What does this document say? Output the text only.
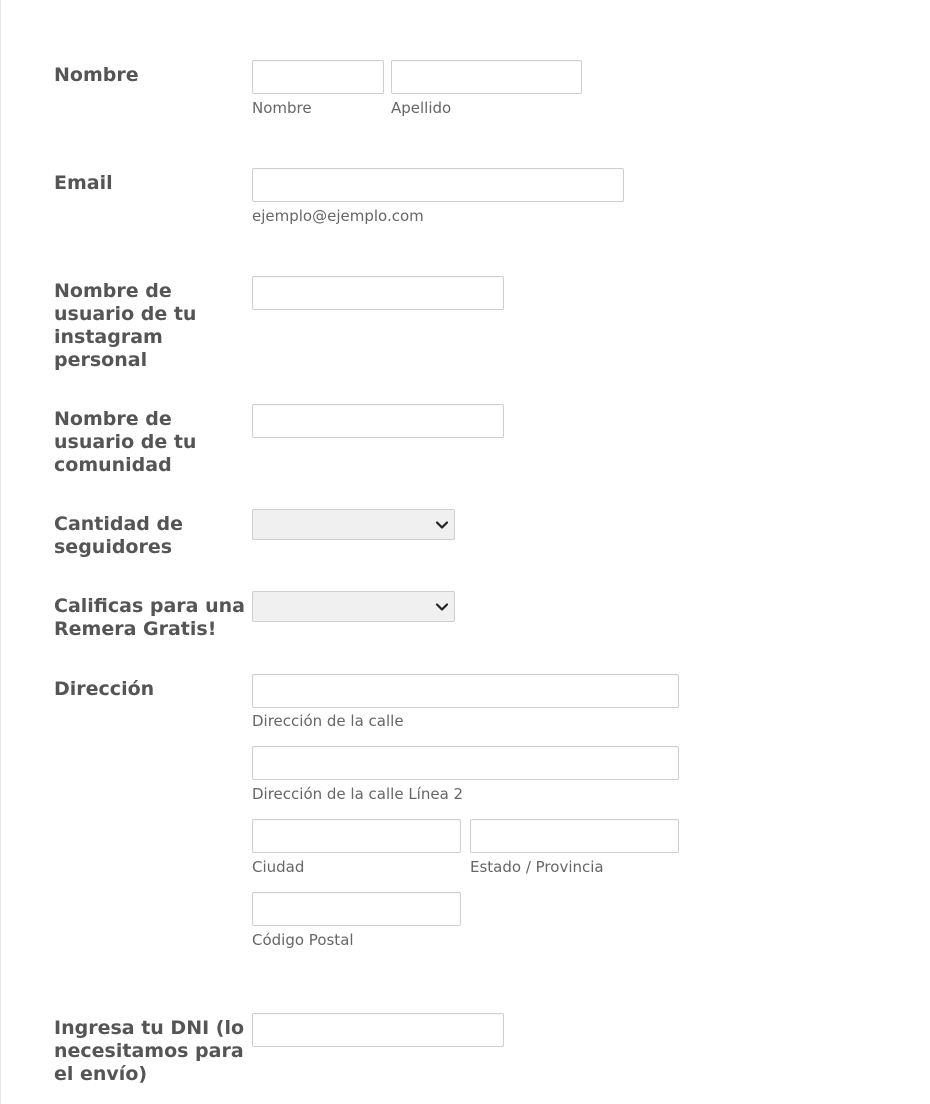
Nombre
Nombre	Apellido
Email
ejemplo@ejemplo.com
Nombre de usuario de tu instagram personal
Nombre de usuario de tu comunidad
Cantidad de seguidores
Calificas para una Remera Gratis!
Dirección
Dirección de la calle
Dirección de la calle Línea 2
Ciudad	Estado / Provincia
Código Postal
Ingresa tu DNI (lo necesitamos para el envío)
